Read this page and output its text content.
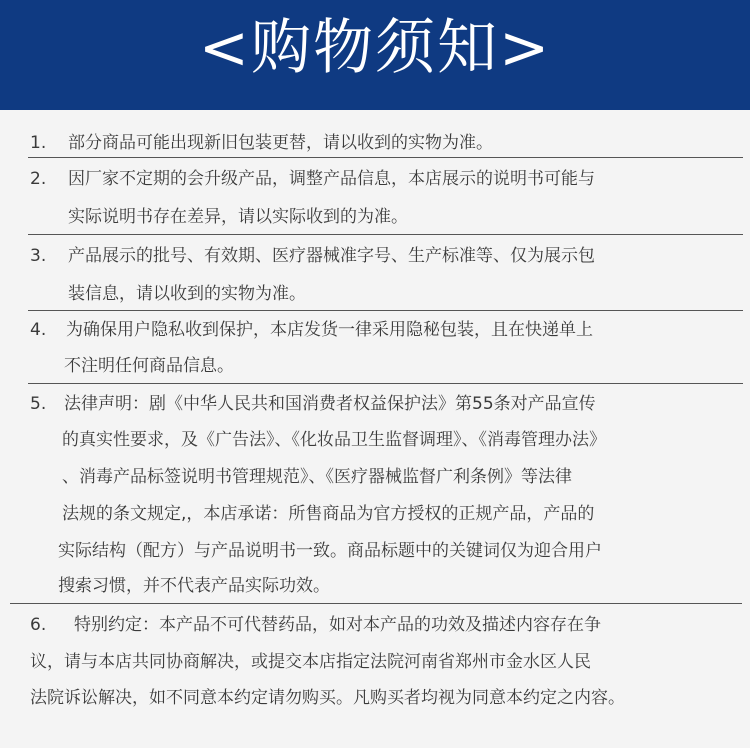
<购物须知>
1. 部分商品可能出现新旧包装更替，请以收到的实物为准。
2. 因厂家不定期的会升级产品，调整产品信息，本店展示的说明书可能与
实际说明书存在差异，请以实际收到的为准。
3. 产品展示的批号、有效期、医疗器械准字号、生产标准等、仅为展示包
装信息，请以收到的实物为准。
4. 为确保用户隐私收到保护，本店发货一律采用隐秘包装，且在快递单上
不注明任何商品信息。
5. 法律声明：剧《中华人民共和国消费者权益保护法》第55条对产品宣传
的真实性要求，及《广告法》、《化妆品卫生监督调理》、《消毒管理办法》
、消毒产品标签说明书管理规范》、《医疗器械监督广利条例》等法律
法规的条文规定,，本店承诺：所售商品为官方授权的正规产品，产品的
实际结构（配方）与产品说明书一致。商品标题中的关键词仅为迎合用户
搜索习惯，并不代表产品实际功效。
6. 特别约定：本产品不可代替药品，如对本产品的功效及描述内容存在争
议，请与本店共同协商解决，或提交本店指定法院河南省郑州市金水区人民
法院诉讼解决，如不同意本约定请勿购买。凡购买者均视为同意本约定之内容。
